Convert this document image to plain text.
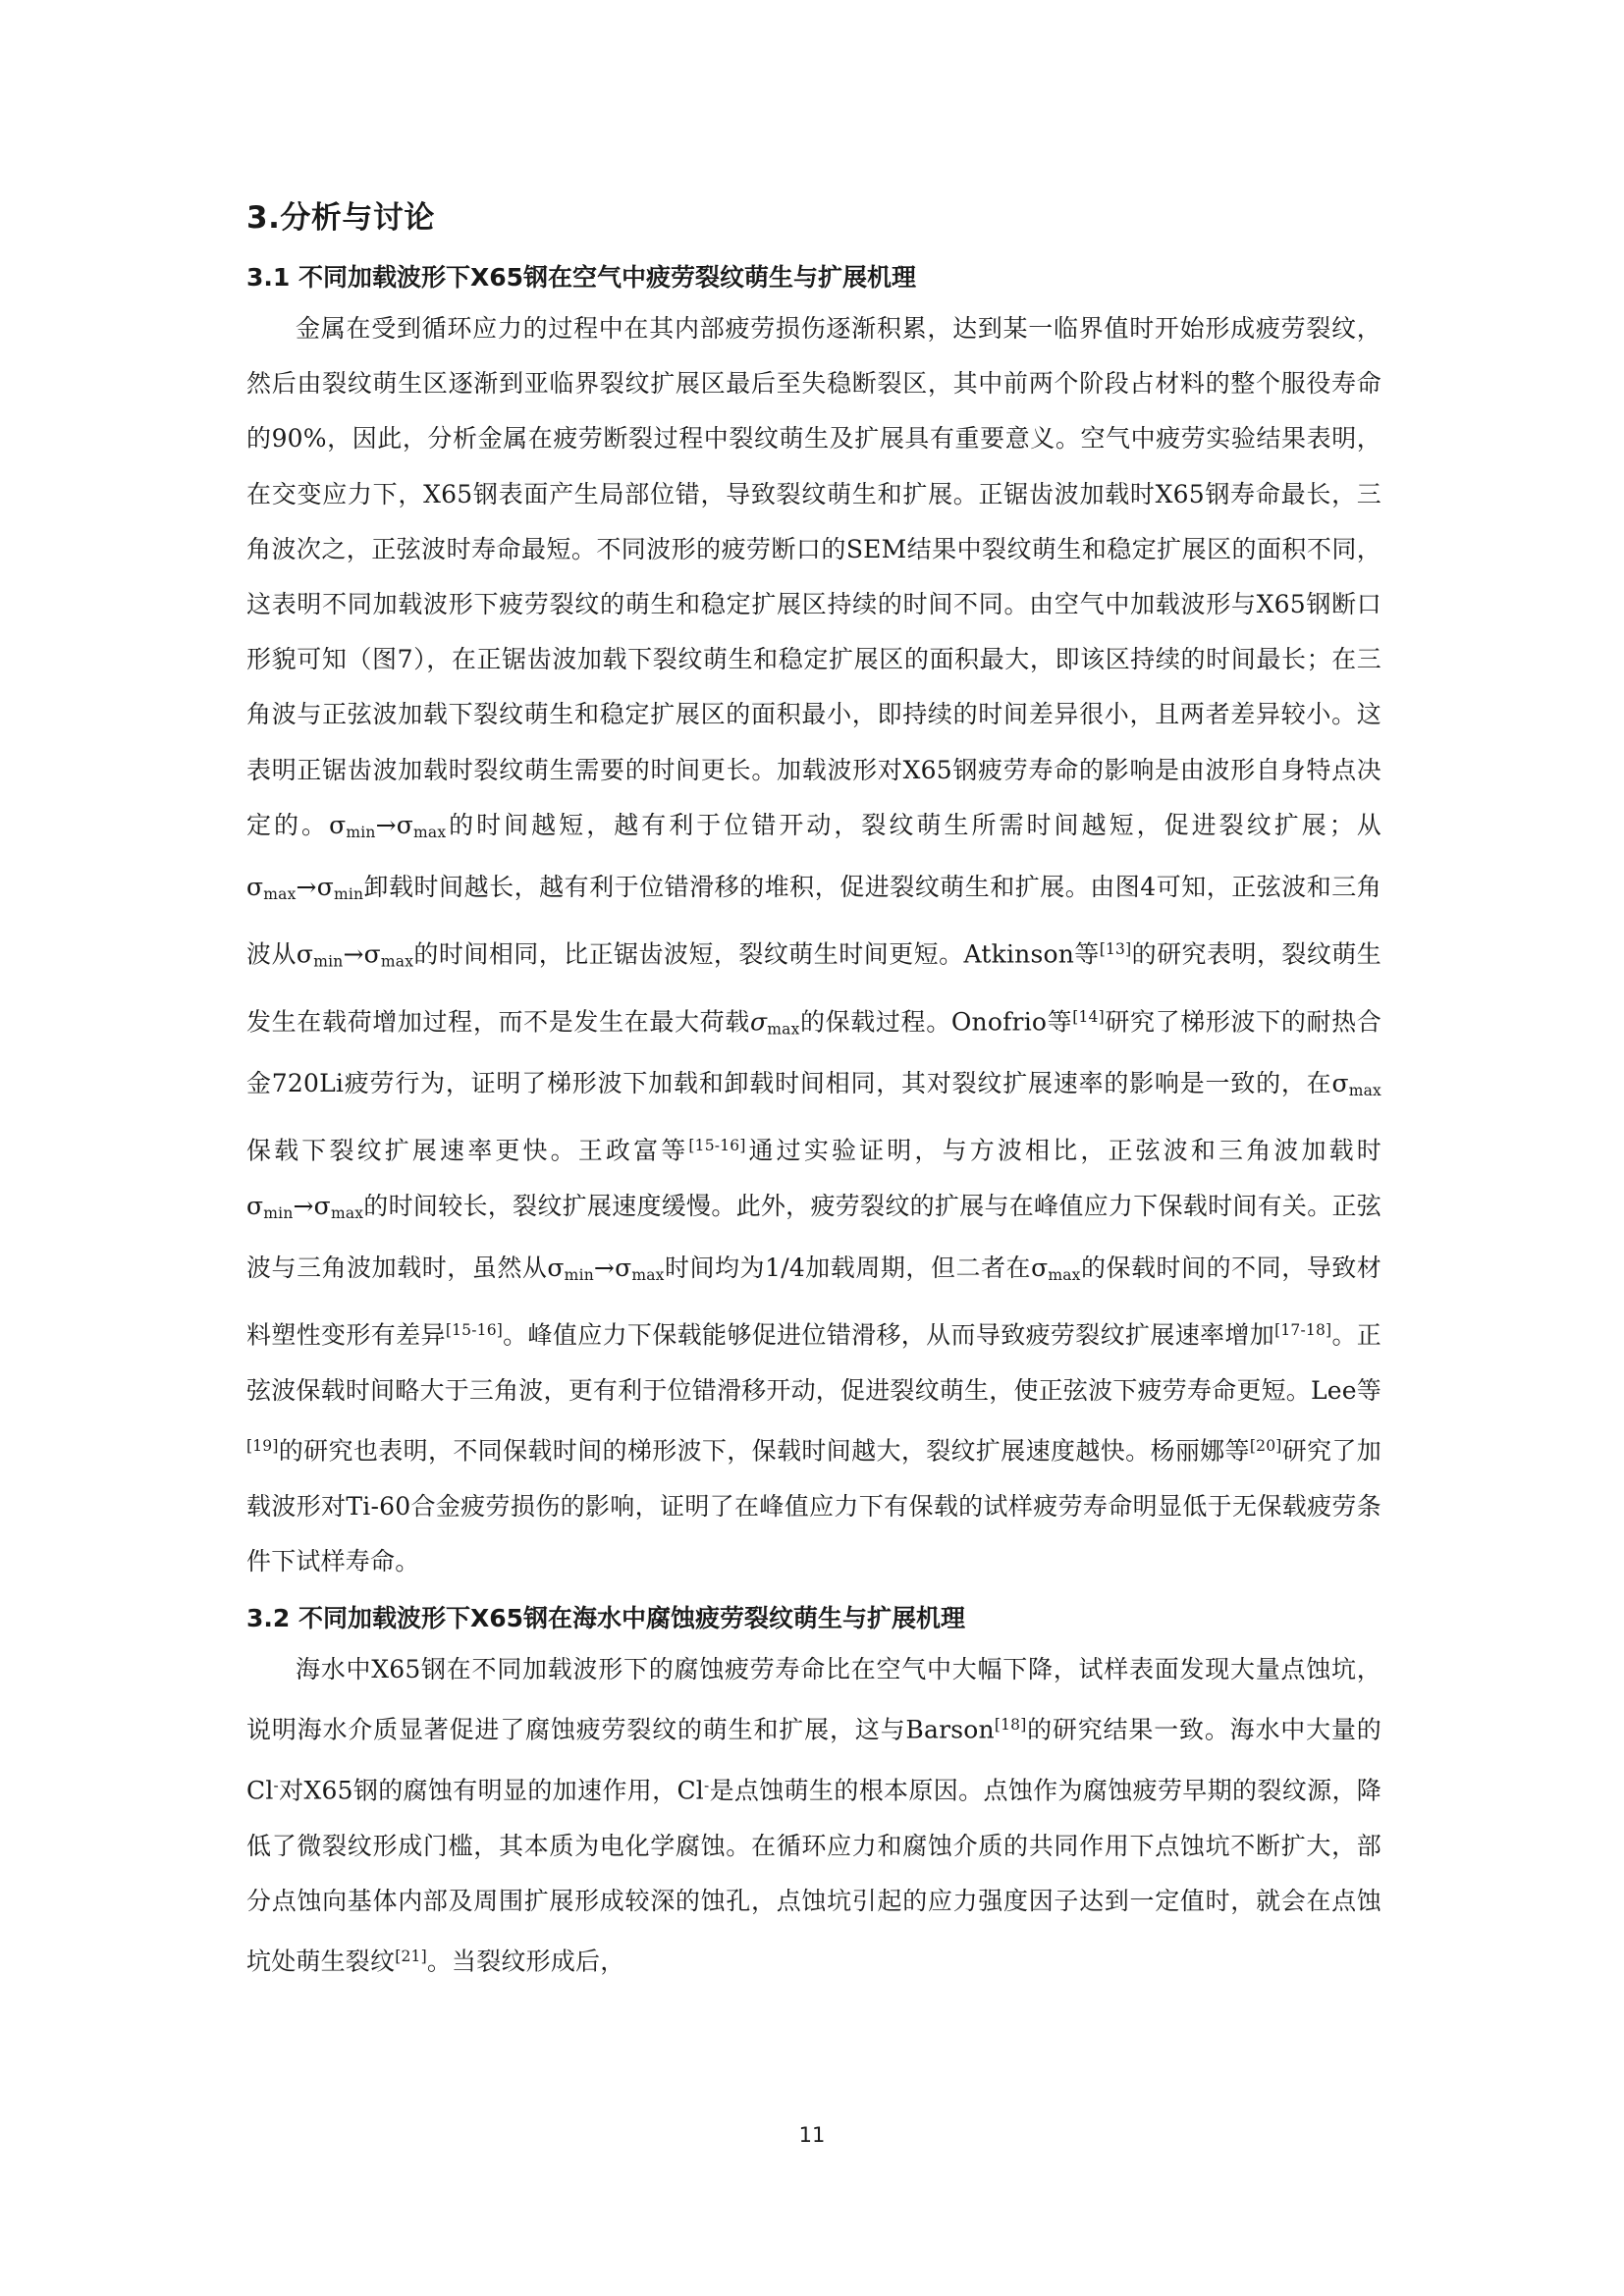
3.分析与讨论
3.1 不同加载波形下X65钢在空气中疲劳裂纹萌生与扩展机理

金属在受到循环应力的过程中在其内部疲劳损伤逐渐积累，达到某一临界值时开始形成疲劳裂纹，然后由裂纹萌生区逐渐到亚临界裂纹扩展区最后至失稳断裂区，其中前两个阶段占材料的整个服役寿命的90%，因此，分析金属在疲劳断裂过程中裂纹萌生及扩展具有重要意义。空气中疲劳实验结果表明，在交变应力下，X65钢表面产生局部位错，导致裂纹萌生和扩展。正锯齿波加载时X65钢寿命最长，三角波次之，正弦波时寿命最短。不同波形的疲劳断口的SEM结果中裂纹萌生和稳定扩展区的面积不同，这表明不同加载波形下疲劳裂纹的萌生和稳定扩展区持续的时间不同。由空气中加载波形与X65钢断口形貌可知（图7），在正锯齿波加载下裂纹萌生和稳定扩展区的面积最大，即该区持续的时间最长；在三角波与正弦波加载下裂纹萌生和稳定扩展区的面积最小，即持续的时间差异很小，且两者差异较小。这表明正锯齿波加载时裂纹萌生需要的时间更长。加载波形对X65钢疲劳寿命的影响是由波形自身特点决定的。$\sigma_{min}\to\sigma_{max}$的时间越短，越有利于位错开动，裂纹萌生所需时间越短，促进裂纹扩展；从$\sigma_{max}\to\sigma_{min}$卸载时间越长，越有利于位错滑移的堆积，促进裂纹萌生和扩展。由图4可知，正弦波和三角波从$\sigma_{min}\to\sigma_{max}$的时间相同，比正锯齿波短，裂纹萌生时间更短。Atkinson等[13]的研究表明，裂纹萌生发生在载荷增加过程，而不是发生在最大荷载$\sigma_{max}$的保载过程。Onofrio等[14]研究了梯形波下的耐热合金720Li疲劳行为，证明了梯形波下加载和卸载时间相同，其对裂纹扩展速率的影响是一致的，在$\sigma_{max}$保载下裂纹扩展速率更快。王政富等[15-16]通过实验证明，与方波相比，正弦波和三角波加载时$\sigma_{min}\to\sigma_{max}$的时间较长，裂纹扩展速度缓慢。此外，疲劳裂纹的扩展与在峰值应力下保载时间有关。正弦波与三角波加载时，虽然从$\sigma_{min}\to\sigma_{max}$时间均为1/4加载周期，但二者在$\sigma_{max}$的保载时间的不同，导致材料塑性变形有差异[15-16]。峰值应力下保载能够促进位错滑移，从而导致疲劳裂纹扩展速率增加[17-18]。正弦波保载时间略大于三角波，更有利于位错滑移开动，促进裂纹萌生，使正弦波下疲劳寿命更短。Lee等[19]的研究也表明，不同保载时间的梯形波下，保载时间越大，裂纹扩展速度越快。杨丽娜等[20]研究了加载波形对Ti-60合金疲劳损伤的影响，证明了在峰值应力下有保载的试样疲劳寿命明显低于无保载疲劳条件下试样寿命。

3.2 不同加载波形下X65钢在海水中腐蚀疲劳裂纹萌生与扩展机理

海水中X65钢在不同加载波形下的腐蚀疲劳寿命比在空气中大幅下降，试样表面发现大量点蚀坑，说明海水介质显著促进了腐蚀疲劳裂纹的萌生和扩展，这与Barson[18]的研究结果一致。海水中大量的Cl-对X65钢的腐蚀有明显的加速作用，Cl-是点蚀萌生的根本原因。点蚀作为腐蚀疲劳早期的裂纹源，降低了微裂纹形成门槛，其本质为电化学腐蚀。在循环应力和腐蚀介质的共同作用下点蚀坑不断扩大，部分点蚀向基体内部及周围扩展形成较深的蚀孔，点蚀坑引起的应力强度因子达到一定值时，就会在点蚀坑处萌生裂纹[21]。当裂纹形成后，

11
